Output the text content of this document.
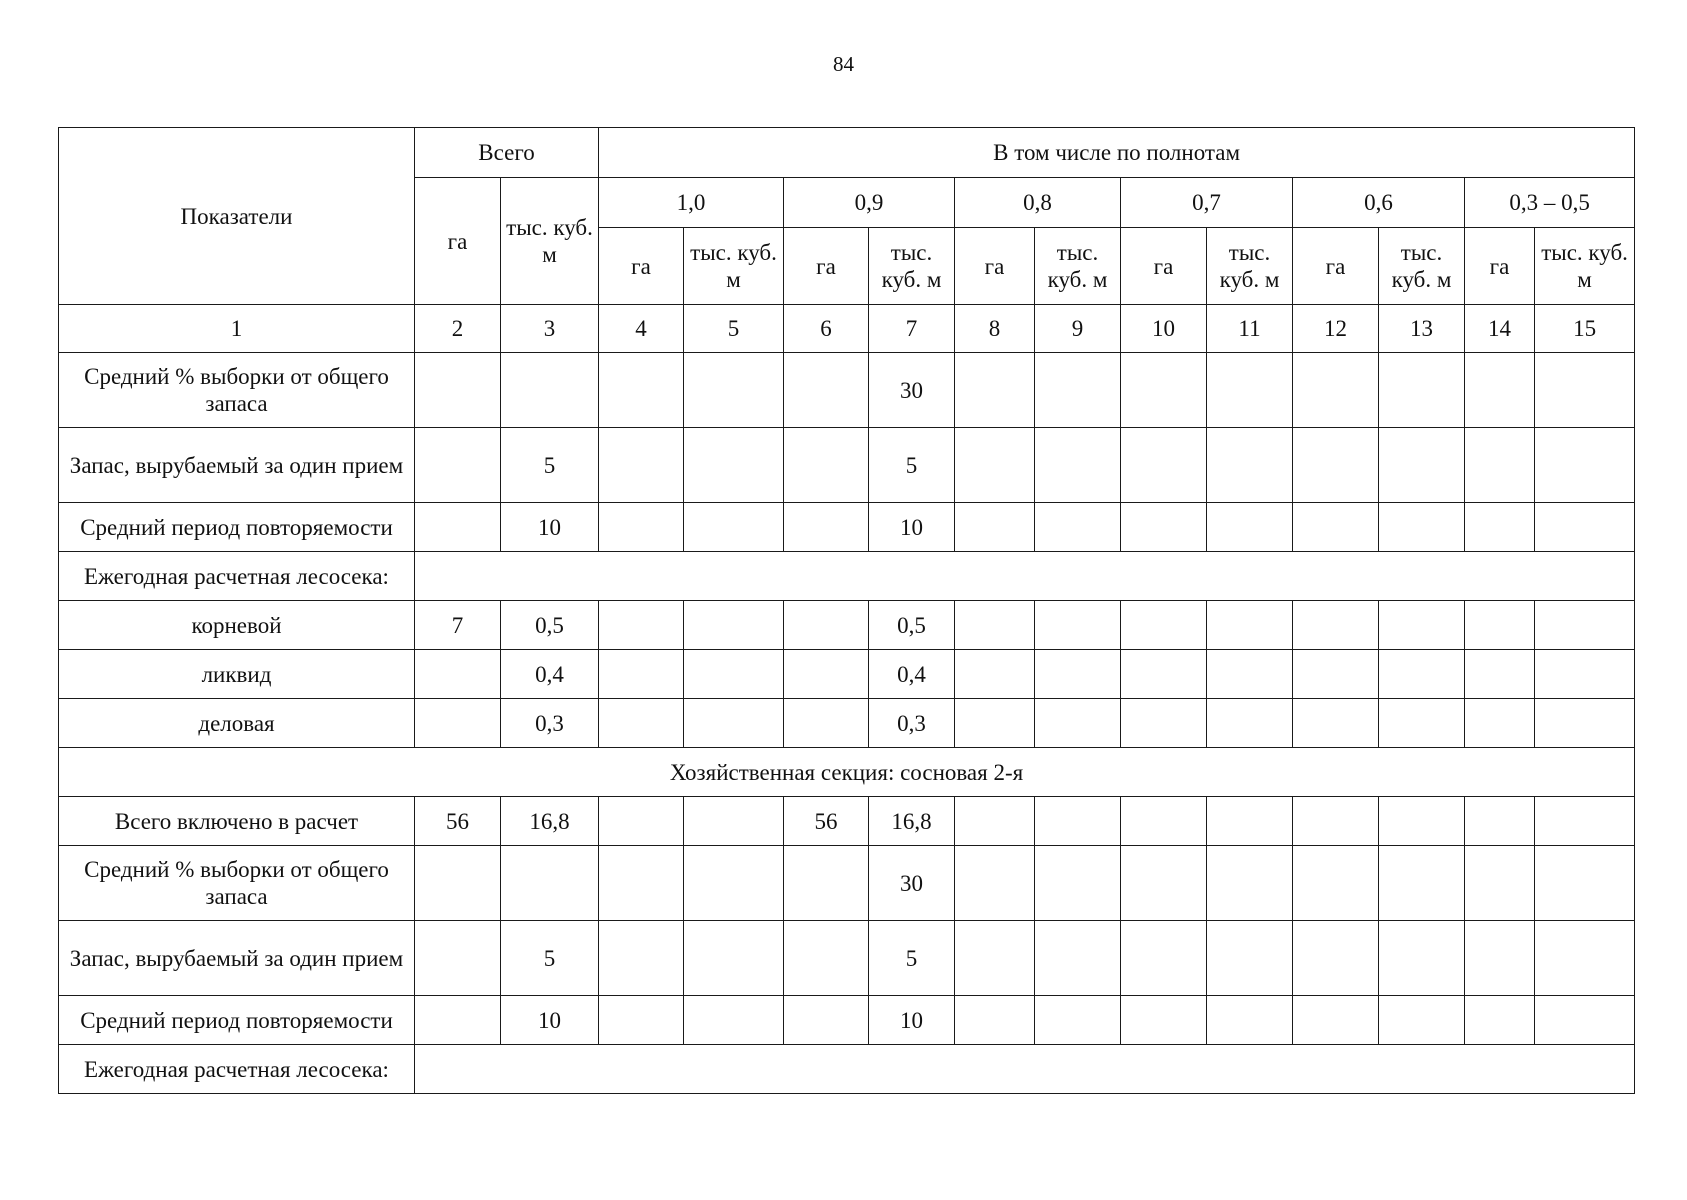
84
Показатели	Всего		В том числе по полнотам											
	га	тыс. куб. м	1,0		0,9		0,8		0,7		0,6		0,3 – 0,5	
			га	тыс. куб. м	га	тыс. куб. м	га	тыс. куб. м	га	тыс. куб. м	га	тыс. куб. м	га	тыс. куб. м
1	2	3	4	5	6	7	8	9	10	11	12	13	14	15
Средний % выборки от общего запаса						30								
Запас, вырубаемый за один прием		5				5								
Средний период повторяемости		10				10								
Ежегодная расчетная лесосека:														
корневой	7	0,5				0,5								
ликвид		0,4				0,4								
деловая		0,3				0,3								
Хозяйственная секция: сосновая 2-я														
Всего включено в расчет	56	16,8			56	16,8								
Средний % выборки от общего запаса						30								
Запас, вырубаемый за один прием		5				5								
Средний период повторяемости		10				10								
Ежегодная расчетная лесосека:														
